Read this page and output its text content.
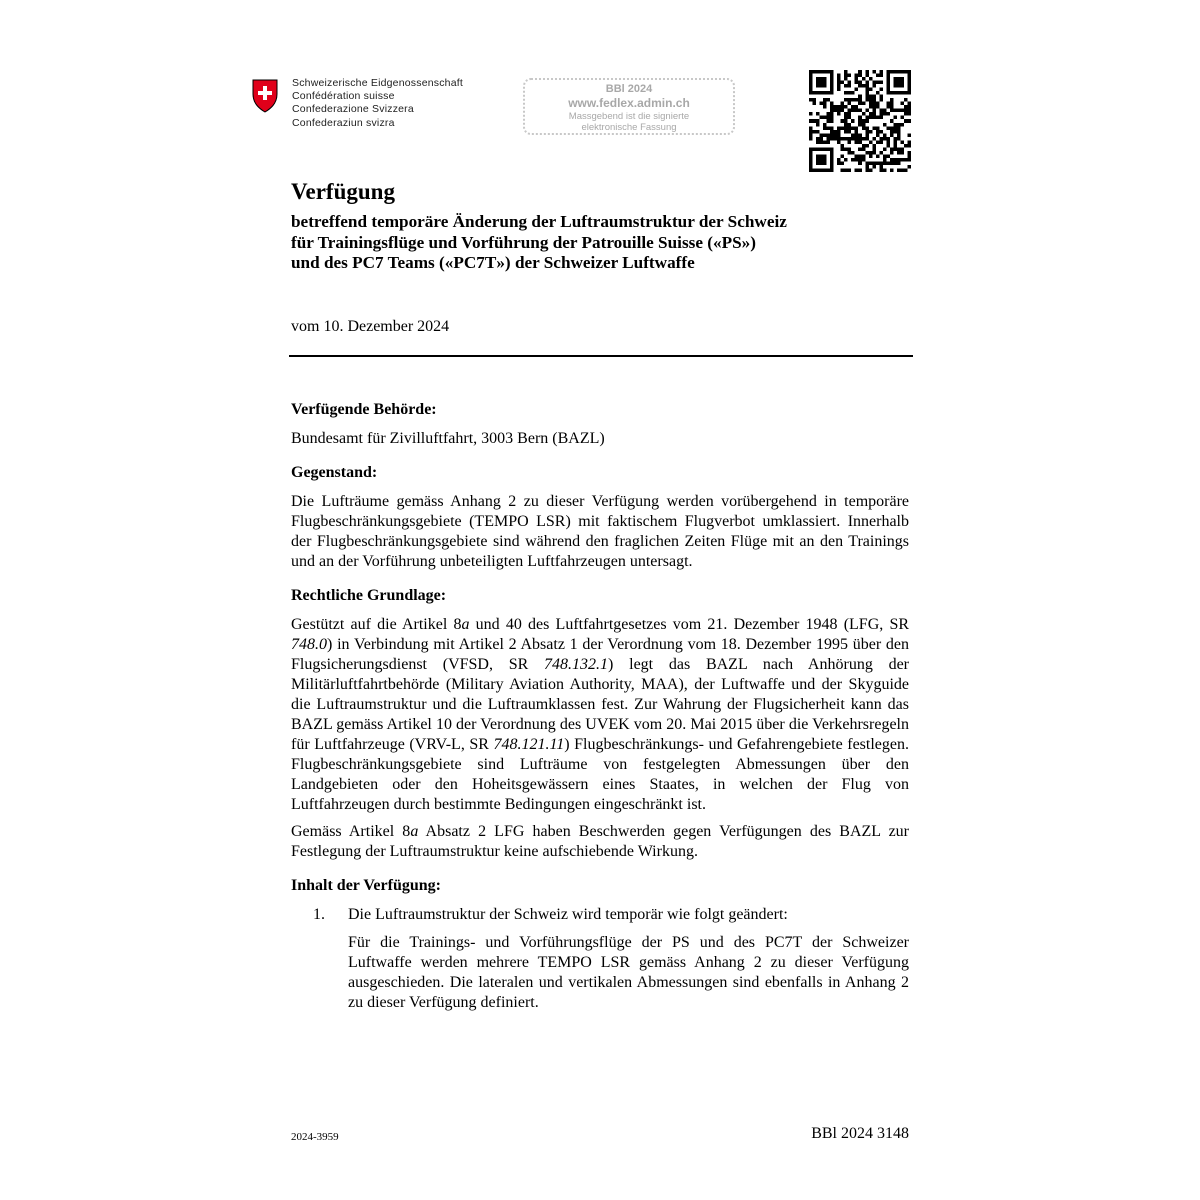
Schweizerische Eidgenossenschaft
Confédération suisse
Confederazione Svizzera
Confederaziun svizra
BBl 2024
www.fedlex.admin.ch
Massgebend ist die signierte
elektronische Fassung
Verfügung
betreffend temporäre Änderung der Luftraumstruktur der Schweiz
für Trainingsflüge und Vorführung der Patrouille Suisse («PS»)
und des PC7 Teams («PC7T») der Schweizer Luftwaffe
vom 10. Dezember 2024
Verfügende Behörde:
Bundesamt für Zivilluftfahrt, 3003 Bern (BAZL)
Gegenstand:
Die Lufträume gemäss Anhang 2 zu dieser Verfügung werden vorübergehend in temporäre Flugbeschränkungsgebiete (TEMPO LSR) mit faktischem Flugverbot umklassiert. Innerhalb der Flugbeschränkungsgebiete sind während den fraglichen Zeiten Flüge mit an den Trainings und an der Vorführung unbeteiligten Luftfahrzeugen untersagt.
Rechtliche Grundlage:
Gestützt auf die Artikel 8a und 40 des Luftfahrtgesetzes vom 21. Dezember 1948 (LFG, SR 748.0) in Verbindung mit Artikel 2 Absatz 1 der Verordnung vom 18. Dezember 1995 über den Flugsicherungsdienst (VFSD, SR 748.132.1) legt das BAZL nach Anhörung der Militärluftfahrtbehörde (Military Aviation Authority, MAA), der Luftwaffe und der Skyguide die Luftraumstruktur und die Luftraumklassen fest. Zur Wahrung der Flugsicherheit kann das BAZL gemäss Artikel 10 der Verordnung des UVEK vom 20. Mai 2015 über die Verkehrsregeln für Luftfahrzeuge (VRV-L, SR 748.121.11) Flugbeschränkungs- und Gefahrengebiete festlegen. Flugbeschränkungsgebiete sind Lufträume von festgelegten Abmessungen über den Landgebieten oder den Hoheitsgewässern eines Staates, in welchen der Flug von Luftfahrzeugen durch bestimmte Bedingungen eingeschränkt ist.
Gemäss Artikel 8a Absatz 2 LFG haben Beschwerden gegen Verfügungen des BAZL zur Festlegung der Luftraumstruktur keine aufschiebende Wirkung.
Inhalt der Verfügung:
1.	Die Luftraumstruktur der Schweiz wird temporär wie folgt geändert:
Für die Trainings- und Vorführungsflüge der PS und des PC7T der Schweizer Luftwaffe werden mehrere TEMPO LSR gemäss Anhang 2 zu dieser Verfügung ausgeschieden. Die lateralen und vertikalen Abmessungen sind ebenfalls in Anhang 2 zu dieser Verfügung definiert.
2024-3959	BBl 2024 3148
